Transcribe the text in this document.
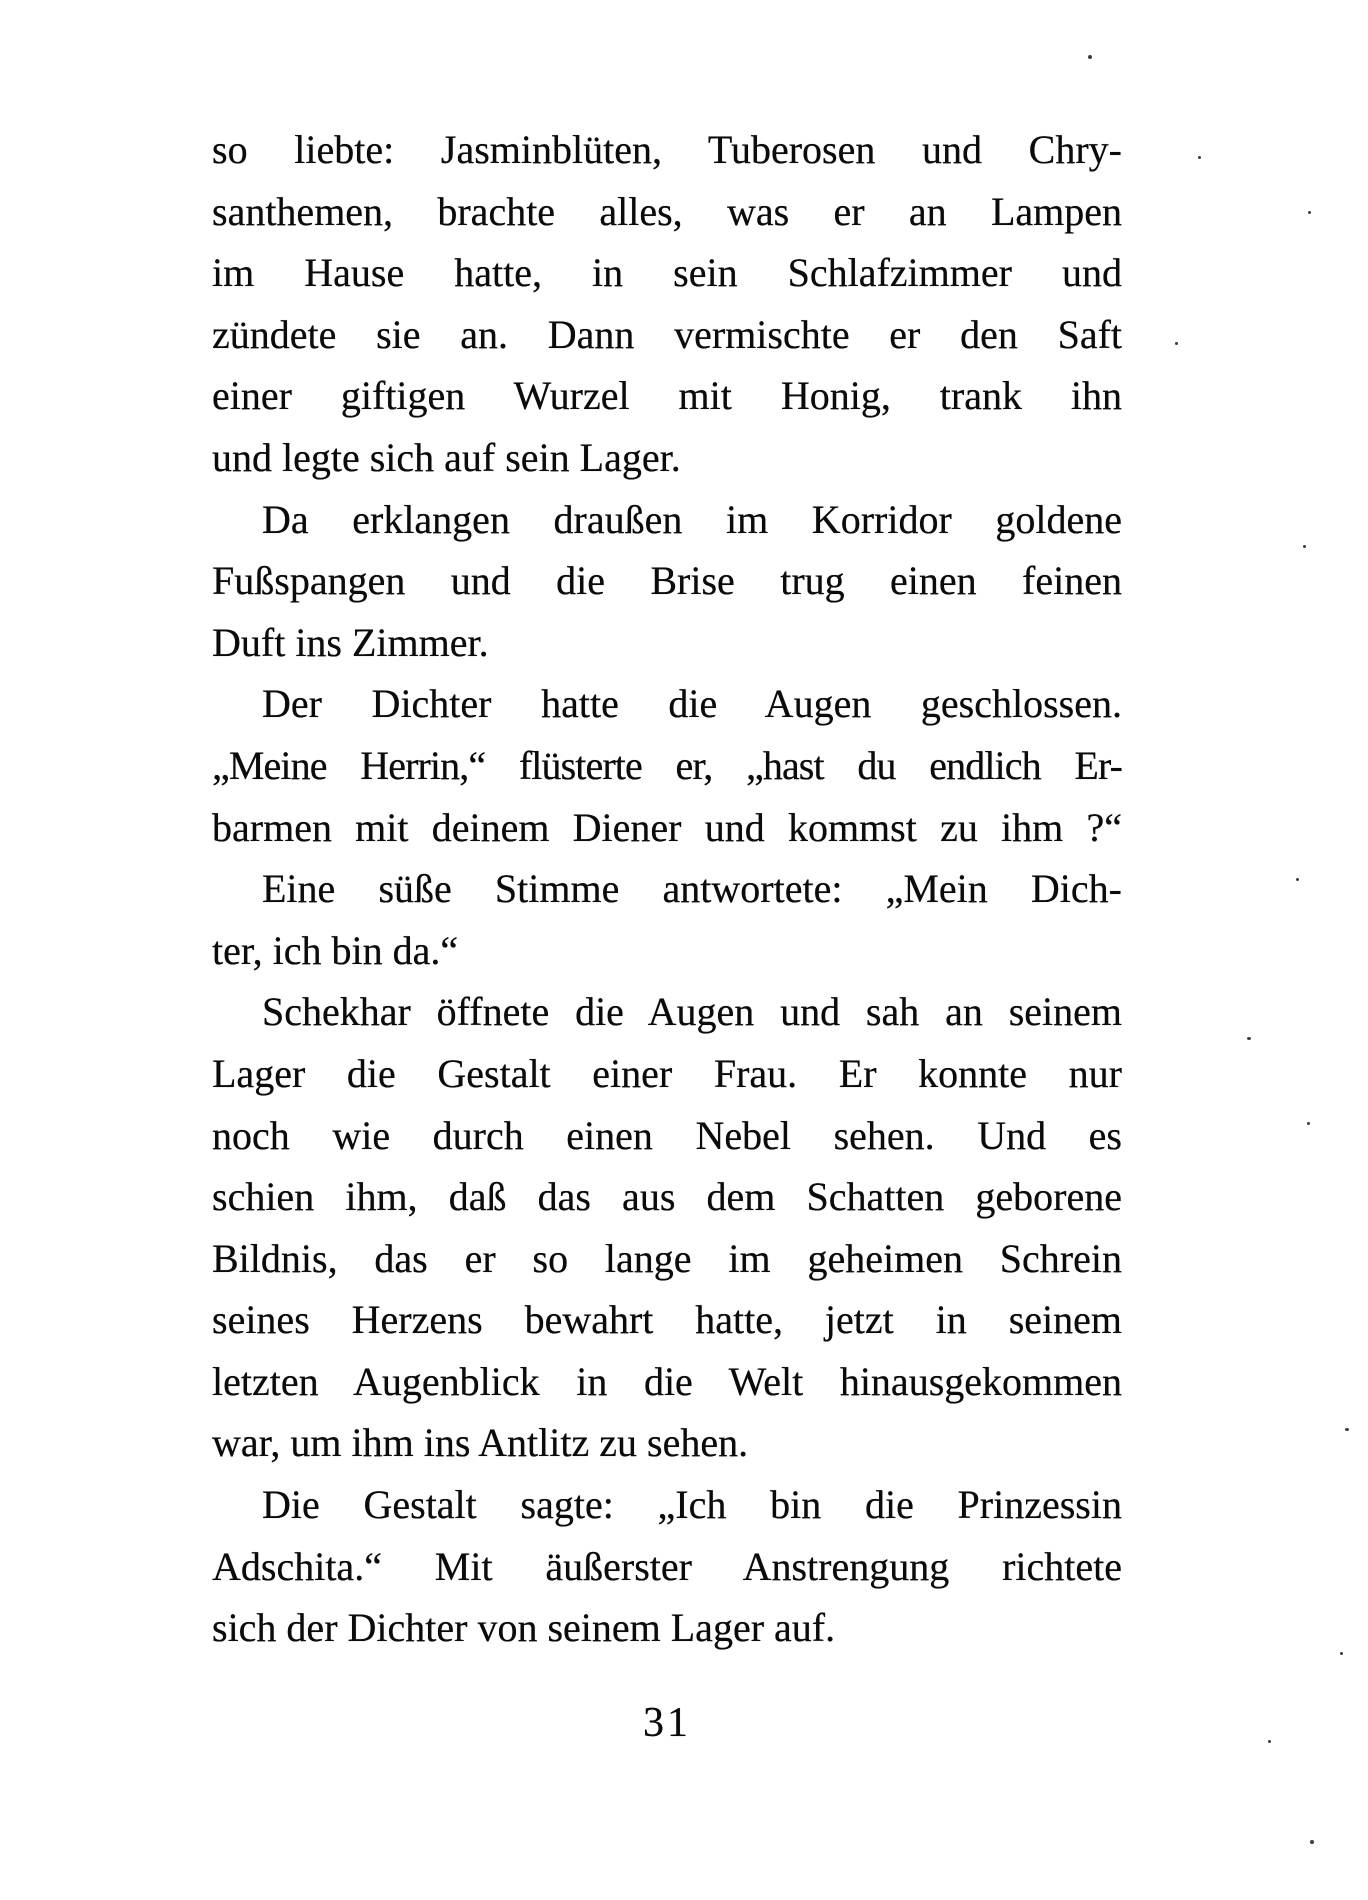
so liebte: Jasminblüten, Tuberosen und Chry-
santhemen, brachte alles, was er an Lampen
im Hause hatte, in sein Schlafzimmer und
zündete sie an. Dann vermischte er den Saft
einer giftigen Wurzel mit Honig, trank ihn
und legte sich auf sein Lager.
Da erklangen draußen im Korridor goldene
Fußspangen und die Brise trug einen feinen
Duft ins Zimmer.
Der Dichter hatte die Augen geschlossen.
„Meine Herrin,“ flüsterte er, „hast du endlich Er-
barmen mit deinem Diener und kommst zu ihm ?“
Eine süße Stimme antwortete: „Mein Dich-
ter, ich bin da.“
Schekhar öffnete die Augen und sah an seinem
Lager die Gestalt einer Frau. Er konnte nur
noch wie durch einen Nebel sehen. Und es
schien ihm, daß das aus dem Schatten geborene
Bildnis, das er so lange im geheimen Schrein
seines Herzens bewahrt hatte, jetzt in seinem
letzten Augenblick in die Welt hinausgekommen
war, um ihm ins Antlitz zu sehen.
Die Gestalt sagte: „Ich bin die Prinzessin
Adschita.“ Mit äußerster Anstrengung richtete
sich der Dichter von seinem Lager auf.
31
